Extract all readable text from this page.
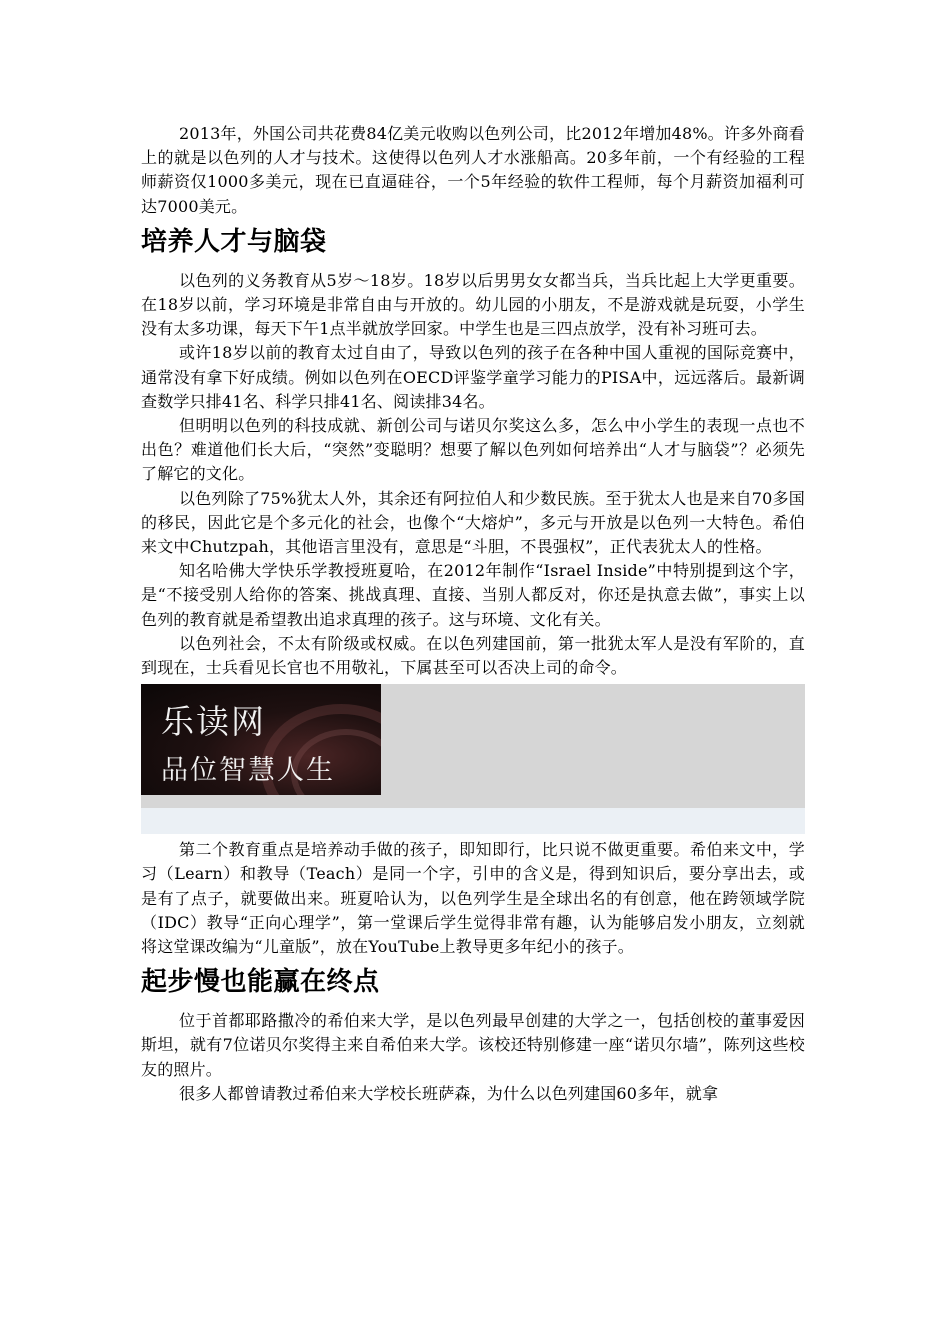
2013年，外国公司共花费84亿美元收购以色列公司，比2012年增加48%。许多外商看上的就是以色列的人才与技术。这使得以色列人才水涨船高。20多年前，一个有经验的工程师薪资仅1000多美元，现在已直逼硅谷，一个5年经验的软件工程师，每个月薪资加福利可达7000美元。

培养人才与脑袋

以色列的义务教育从5岁～18岁。18岁以后男男女女都当兵，当兵比起上大学更重要。在18岁以前，学习环境是非常自由与开放的。幼儿园的小朋友，不是游戏就是玩耍，小学生没有太多功课，每天下午1点半就放学回家。中学生也是三四点放学，没有补习班可去。

或许18岁以前的教育太过自由了，导致以色列的孩子在各种中国人重视的国际竞赛中，通常没有拿下好成绩。例如以色列在OECD评鉴学童学习能力的PISA中，远远落后。最新调查数学只排41名、科学只排41名、阅读排34名。

但明明以色列的科技成就、新创公司与诺贝尔奖这么多，怎么中小学生的表现一点也不出色？难道他们长大后，“突然”变聪明？想要了解以色列如何培养出“人才与脑袋”？必须先了解它的文化。

以色列除了75%犹太人外，其余还有阿拉伯人和少数民族。至于犹太人也是来自70多国的移民，因此它是个多元化的社会，也像个“大熔炉”，多元与开放是以色列一大特色。希伯来文中Chutzpah，其他语言里没有，意思是“斗胆，不畏强权”，正代表犹太人的性格。

知名哈佛大学快乐学教授班夏哈，在2012年制作“Israel Inside”中特别提到这个字，是“不接受别人给你的答案、挑战真理、直接、当别人都反对，你还是执意去做”，事实上以色列的教育就是希望教出追求真理的孩子。这与环境、文化有关。

以色列社会，不太有阶级或权威。在以色列建国前，第一批犹太军人是没有军阶的，直到现在，士兵看见长官也不用敬礼，下属甚至可以否决上司的命令。

乐读网
品位智慧人生

第二个教育重点是培养动手做的孩子，即知即行，比只说不做更重要。希伯来文中，学习（Learn）和教导（Teach）是同一个字，引申的含义是，得到知识后，要分享出去，或是有了点子，就要做出来。班夏哈认为，以色列学生是全球出名的有创意，他在跨领域学院（IDC）教导“正向心理学”，第一堂课后学生觉得非常有趣，认为能够启发小朋友，立刻就将这堂课改编为“儿童版”，放在YouTube上教导更多年纪小的孩子。

起步慢也能赢在终点

位于首都耶路撒冷的希伯来大学，是以色列最早创建的大学之一，包括创校的董事爱因斯坦，就有7位诺贝尔奖得主来自希伯来大学。该校还特别修建一座“诺贝尔墙”，陈列这些校友的照片。

很多人都曾请教过希伯来大学校长班萨森，为什么以色列建国60多年，就拿
